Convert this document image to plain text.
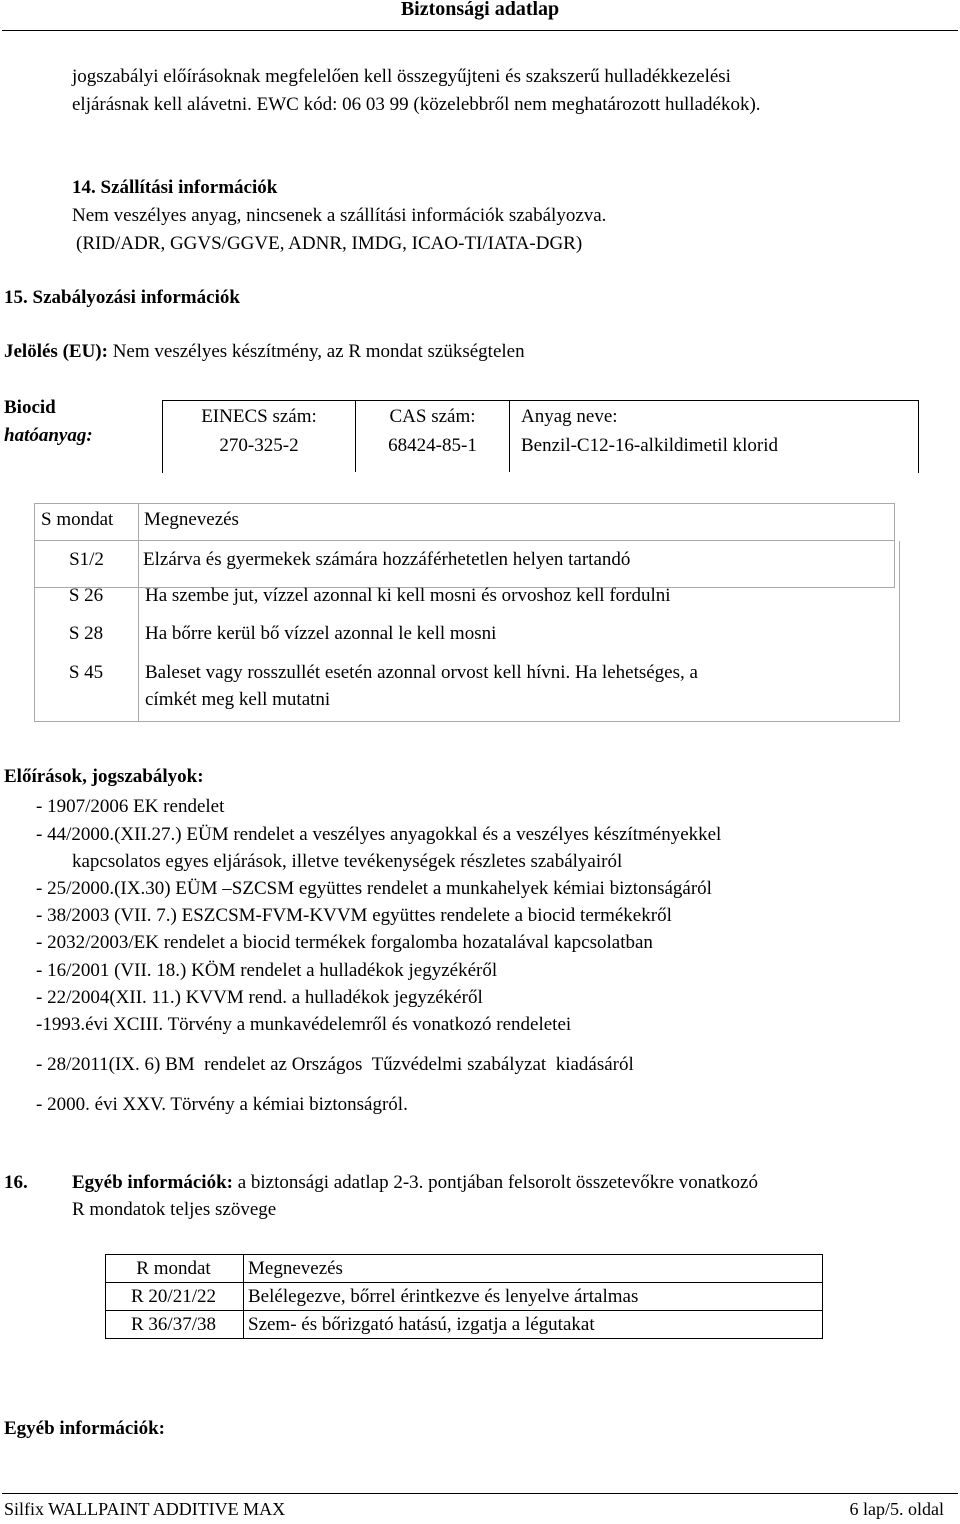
Biztonsági adatlap
jogszabályi előírásoknak megfelelően kell összegyűjteni és szakszerű hulladékkezelési
eljárásnak kell alávetni. EWC kód: 06 03 99 (közelebbről nem meghatározott hulladékok).
14. Szállítási információk
Nem veszélyes anyag, nincsenek a szállítási információk szabályozva.
(RID/ADR, GGVS/GGVE, ADNR, IMDG, ICAO-TI/IATA-DGR)
15. Szabályozási információk
Jelölés (EU): Nem veszélyes készítmény, az R mondat szükségtelen
Biocid
hatóanyag:
EINECS szám:
270-325-2
CAS szám:
68424-85-1
Anyag neve:
Benzil-C12-16-alkildimetil klorid
S mondat	Megnevezés
S1/2	Elzárva és gyermekek számára hozzáférhetetlen helyen tartandó
S 26	Ha szembe jut, vízzel azonnal ki kell mosni és orvoshoz kell fordulni
S 28	Ha bőrre kerül bő vízzel azonnal le kell mosni
S 45	Baleset vagy rosszullét esetén azonnal orvost kell hívni. Ha lehetséges, a
címkét meg kell mutatni
Előírások, jogszabályok:
- 1907/2006 EK rendelet
- 44/2000.(XII.27.) EÜM rendelet a veszélyes anyagokkal és a veszélyes készítményekkel
kapcsolatos egyes eljárások, illetve tevékenységek részletes szabályairól
- 25/2000.(IX.30) EÜM –SZCSM együttes rendelet a munkahelyek kémiai biztonságáról
- 38/2003 (VII. 7.) ESZCSM-FVM-KVVM együttes rendelete a biocid termékekről
- 2032/2003/EK rendelet a biocid termékek forgalomba hozatalával kapcsolatban
- 16/2001 (VII. 18.) KÖM rendelet a hulladékok jegyzékéről
- 22/2004(XII. 11.) KVVM rend. a hulladékok jegyzékéről
-1993.évi XCIII. Törvény a munkavédelemről és vonatkozó rendeletei
- 28/2011(IX. 6) BM  rendelet az Országos  Tűzvédelmi szabályzat  kiadásáról
- 2000. évi XXV. Törvény a kémiai biztonságról.
16. Egyéb információk: a biztonsági adatlap 2-3. pontjában felsorolt összetevőkre vonatkozó
R mondatok teljes szövege
R mondat	Megnevezés
R 20/21/22	Belélegezve, bőrrel érintkezve és lenyelve ártalmas
R 36/37/38	Szem- és bőrizgató hatású, izgatja a légutakat
Egyéb információk:
Silfix WALLPAINT ADDITIVE MAX	6 lap/5. oldal
